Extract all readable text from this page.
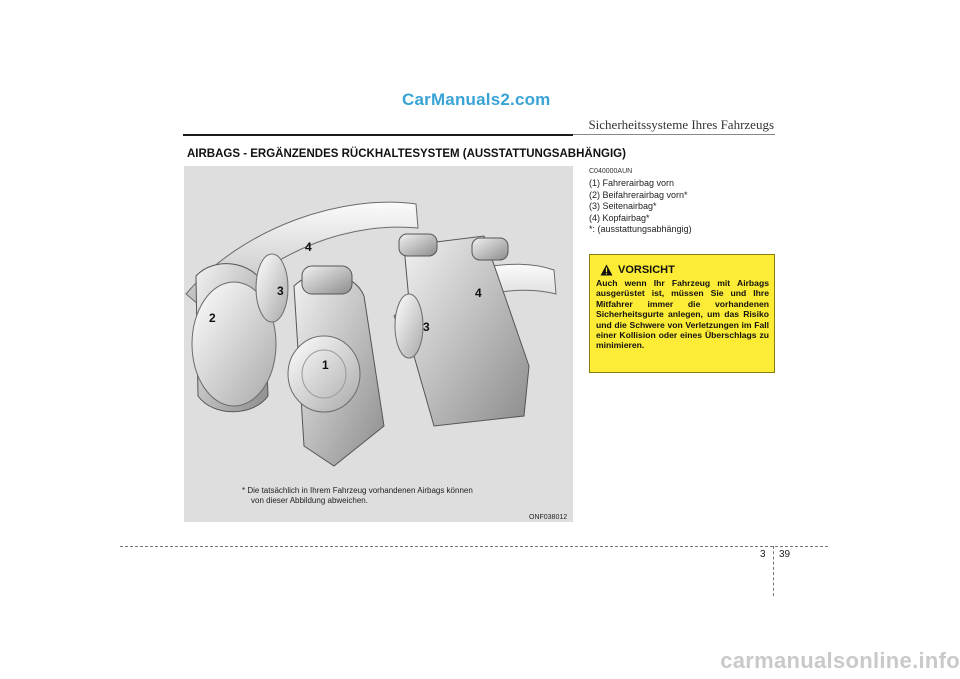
CarManuals2.com
Sicherheitssysteme Ihres Fahrzeugs
AIRBAGS - ERGÄNZENDES RÜCKHALTESYSTEM (AUSSTATTUNGSABHÄNGIG)
1
2
3
3
4
4
* Die tatsächlich in Ihrem Fahrzeug vorhandenen Airbags können
von dieser Abbildung abweichen.
ONF038012
C040000AUN
(1) Fahrerairbag vorn
(2) Beifahrerairbag vorn*
(3) Seitenairbag*
(4) Kopfairbag*
*: (ausstattungsabhängig)
VORSICHT
Auch wenn Ihr Fahrzeug mit Airbags ausgerüstet ist, müssen Sie und Ihre Mitfahrer immer die vorhandenen Sicherheitsgurte anlegen, um das Risiko und die Schwere von Verletzungen im Fall einer Kollision oder eines Überschlags zu minimieren.
3 39
carmanualsonline.info
